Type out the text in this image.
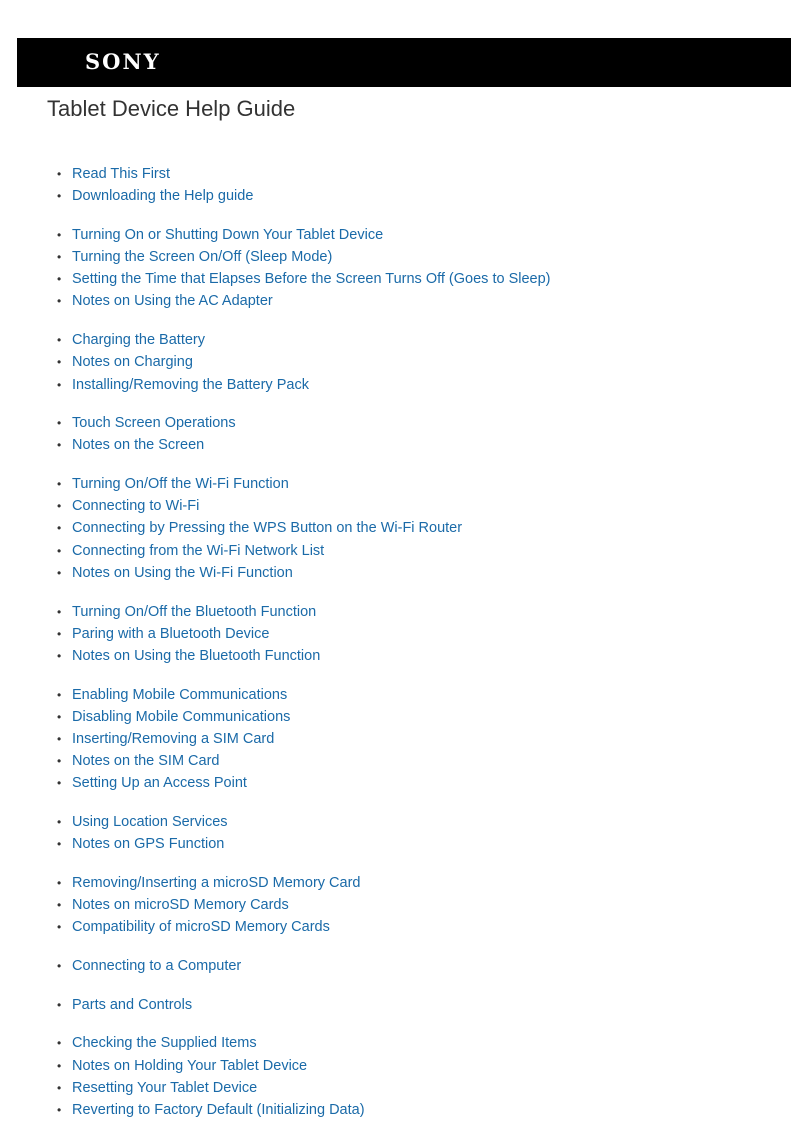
SONY
Tablet Device Help Guide
• Read This First
• Downloading the Help guide
• Turning On or Shutting Down Your Tablet Device
• Turning the Screen On/Off (Sleep Mode)
• Setting the Time that Elapses Before the Screen Turns Off (Goes to Sleep)
• Notes on Using the AC Adapter
• Charging the Battery
• Notes on Charging
• Installing/Removing the Battery Pack
• Touch Screen Operations
• Notes on the Screen
• Turning On/Off the Wi-Fi Function
• Connecting to Wi-Fi
• Connecting by Pressing the WPS Button on the Wi-Fi Router
• Connecting from the Wi-Fi Network List
• Notes on Using the Wi-Fi Function
• Turning On/Off the Bluetooth Function
• Paring with a Bluetooth Device
• Notes on Using the Bluetooth Function
• Enabling Mobile Communications
• Disabling Mobile Communications
• Inserting/Removing a SIM Card
• Notes on the SIM Card
• Setting Up an Access Point
• Using Location Services
• Notes on GPS Function
• Removing/Inserting a microSD Memory Card
• Notes on microSD Memory Cards
• Compatibility of microSD Memory Cards
• Connecting to a Computer
• Parts and Controls
• Checking the Supplied Items
• Notes on Holding Your Tablet Device
• Resetting Your Tablet Device
• Reverting to Factory Default (Initializing Data)
